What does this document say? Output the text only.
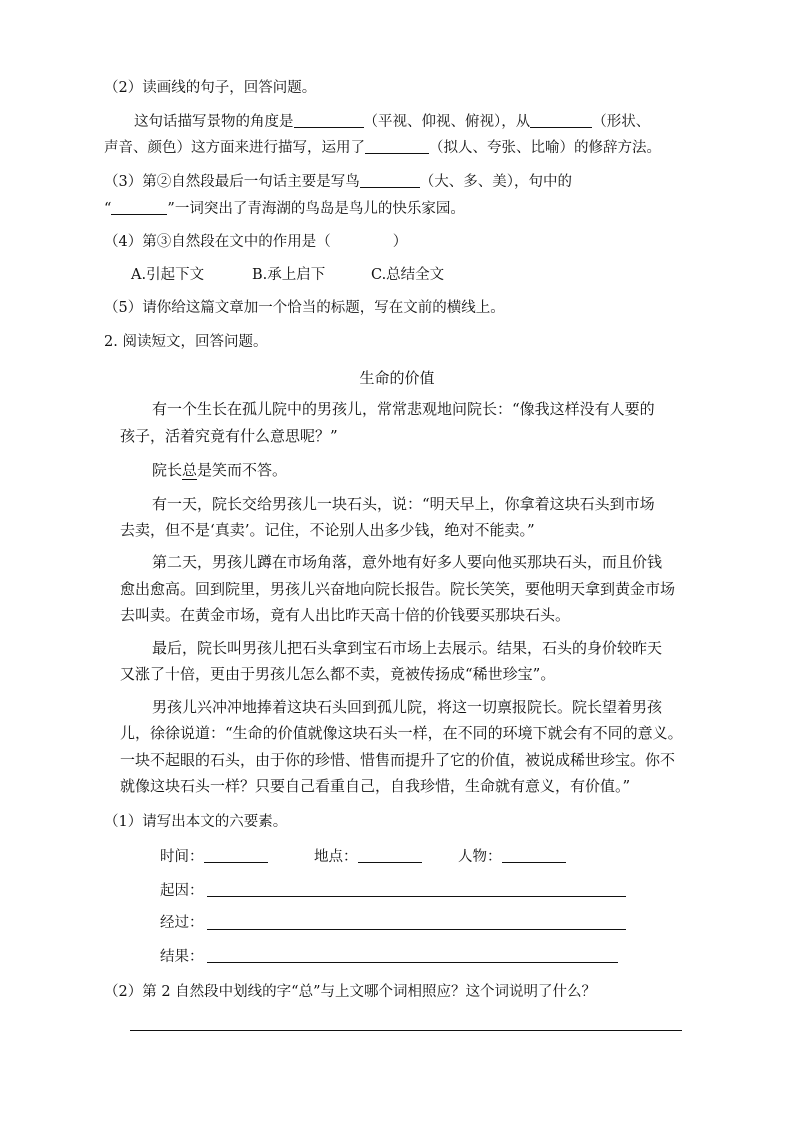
（2）读画线的句子，回答问题。
这句话描写景物的角度是	（平视、仰视、俯视），从	（形状、
声音、颜色）这方面来进行描写，运用了	（拟人、夸张、比喻）的修辞方法。
（3）第②自然段最后一句话主要是写鸟	（大、多、美），句中的
“	”一词突出了青海湖的鸟岛是鸟儿的快乐家园。
（4）第③自然段在文中的作用是（	）
A.引起下文	B.承上启下	C.总结全文
（5）请你给这篇文章加一个恰当的标题，写在文前的横线上。
2. 阅读短文，回答问题。
生命的价值
有一个生长在孤儿院中的男孩儿，常常悲观地问院长：“像我这样没有人要的
孩子，活着究竟有什么意思呢？”
院长总是笑而不答。
有一天，院长交给男孩儿一块石头，说：“明天早上，你拿着这块石头到市场
去卖，但不是‘真卖’。记住，不论别人出多少钱，绝对不能卖。”
第二天，男孩儿蹲在市场角落，意外地有好多人要向他买那块石头，而且价钱
愈出愈高。回到院里，男孩儿兴奋地向院长报告。院长笑笑，要他明天拿到黄金市场
去叫卖。在黄金市场，竟有人出比昨天高十倍的价钱要买那块石头。
最后，院长叫男孩儿把石头拿到宝石市场上去展示。结果，石头的身价较昨天
又涨了十倍，更由于男孩儿怎么都不卖，竟被传扬成“稀世珍宝”。
男孩儿兴冲冲地捧着这块石头回到孤儿院，将这一切禀报院长。院长望着男孩
儿，徐徐说道：“生命的价值就像这块石头一样，在不同的环境下就会有不同的意义。
一块不起眼的石头，由于你的珍惜、惜售而提升了它的价值，被说成稀世珍宝。你不
就像这块石头一样？只要自己看重自己，自我珍惜，生命就有意义，有价值。”
（1）请写出本文的六要素。
时间：	地点：	人物：
起因：
经过：
结果：
（2）第 2 自然段中划线的字“总”与上文哪个词相照应？这个词说明了什么？
